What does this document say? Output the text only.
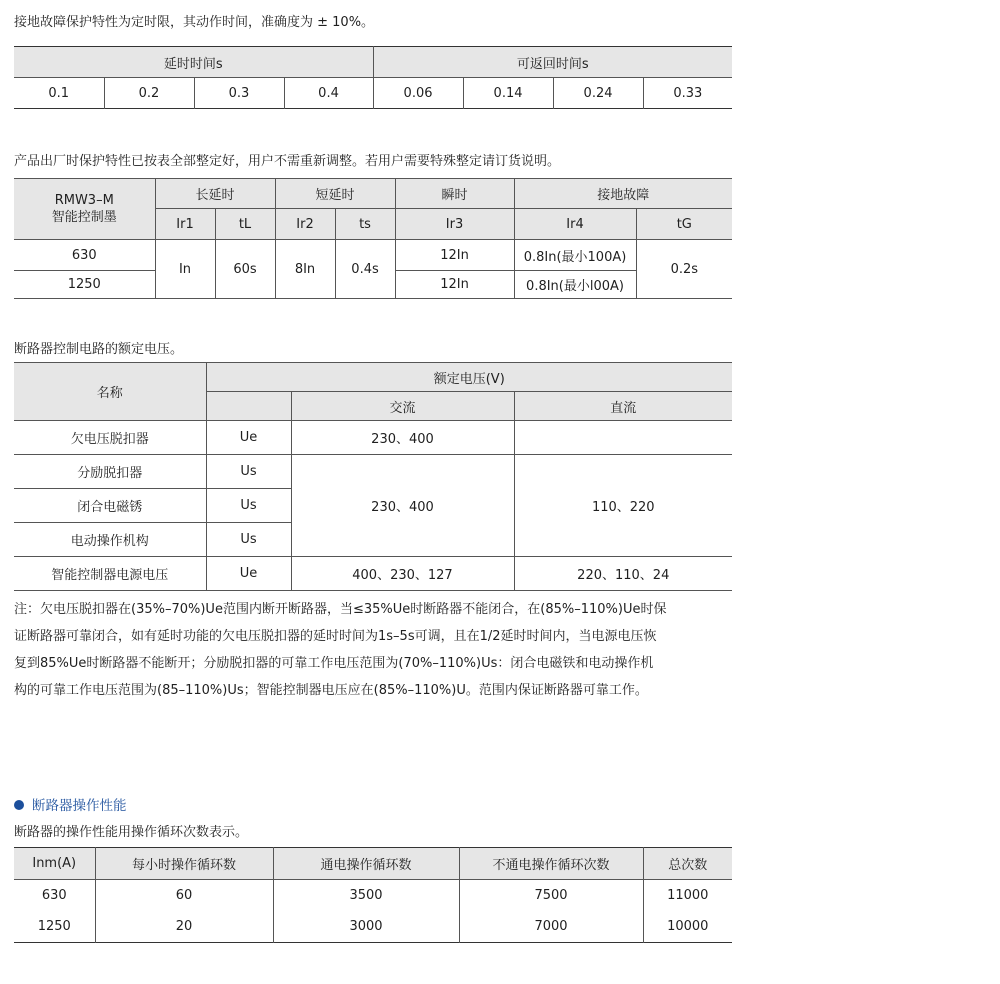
接地故障保护特性为定时限，其动作时间，准确度为 ± 10%。
延时时间s				可返回时间s			
0.1	0.2	0.3	0.4	0.06	0.14	0.24	0.33
产品出厂时保护特性已按表全部整定好，用户不需重新调整。若用户需要特殊整定请订货说明。
RMW3–M
智能控制墨	长延时		短延时		瞬时	接地故障	
	Ir1	tL	Ir2	ts	Ir3	Ir4	tG
630	In	60s	8In	0.4s	12In	0.8In(最小100A)	0.2s
1250					12In	0.8In(最小l00A)	
断路器控制电路的额定电压。
名称	额定电压(V)		
		交流	直流
欠电压脱扣器	Ue	230、400	
分励脱扣器	Us	230、400	110、220
闭合电磁锈	Us		
电动操作机构	Us		
智能控制器电源电压	Ue	400、230、127	220、110、24
注：欠电压脱扣器在(35%–70%)Ue范围内断开断路器，当≤35%Ue时断路器不能闭合，在(85%–110%)Ue时保
证断路器可靠闭合，如有延时功能的欠电压脱扣器的延时时间为1s–5s可调，且在1/2延时时间内，当电源电压恢
复到85%Ue时断路器不能断开；分励脱扣器的可靠工作电压范围为(70%–110%)Us：闭合电磁铁和电动操作机
构的可靠工作电压范围为(85–110%)Us；智能控制器电压应在(85%–110%)U。范围内保证断路器可靠工作。
断路器操作性能
断路器的操作性能用操作循环次数表示。
Inm(A)	每小时操作循环数	通电操作循环数	不通电操作循环次数	总次数
630	60	3500	7500	11000
1250	20	3000	7000	10000
